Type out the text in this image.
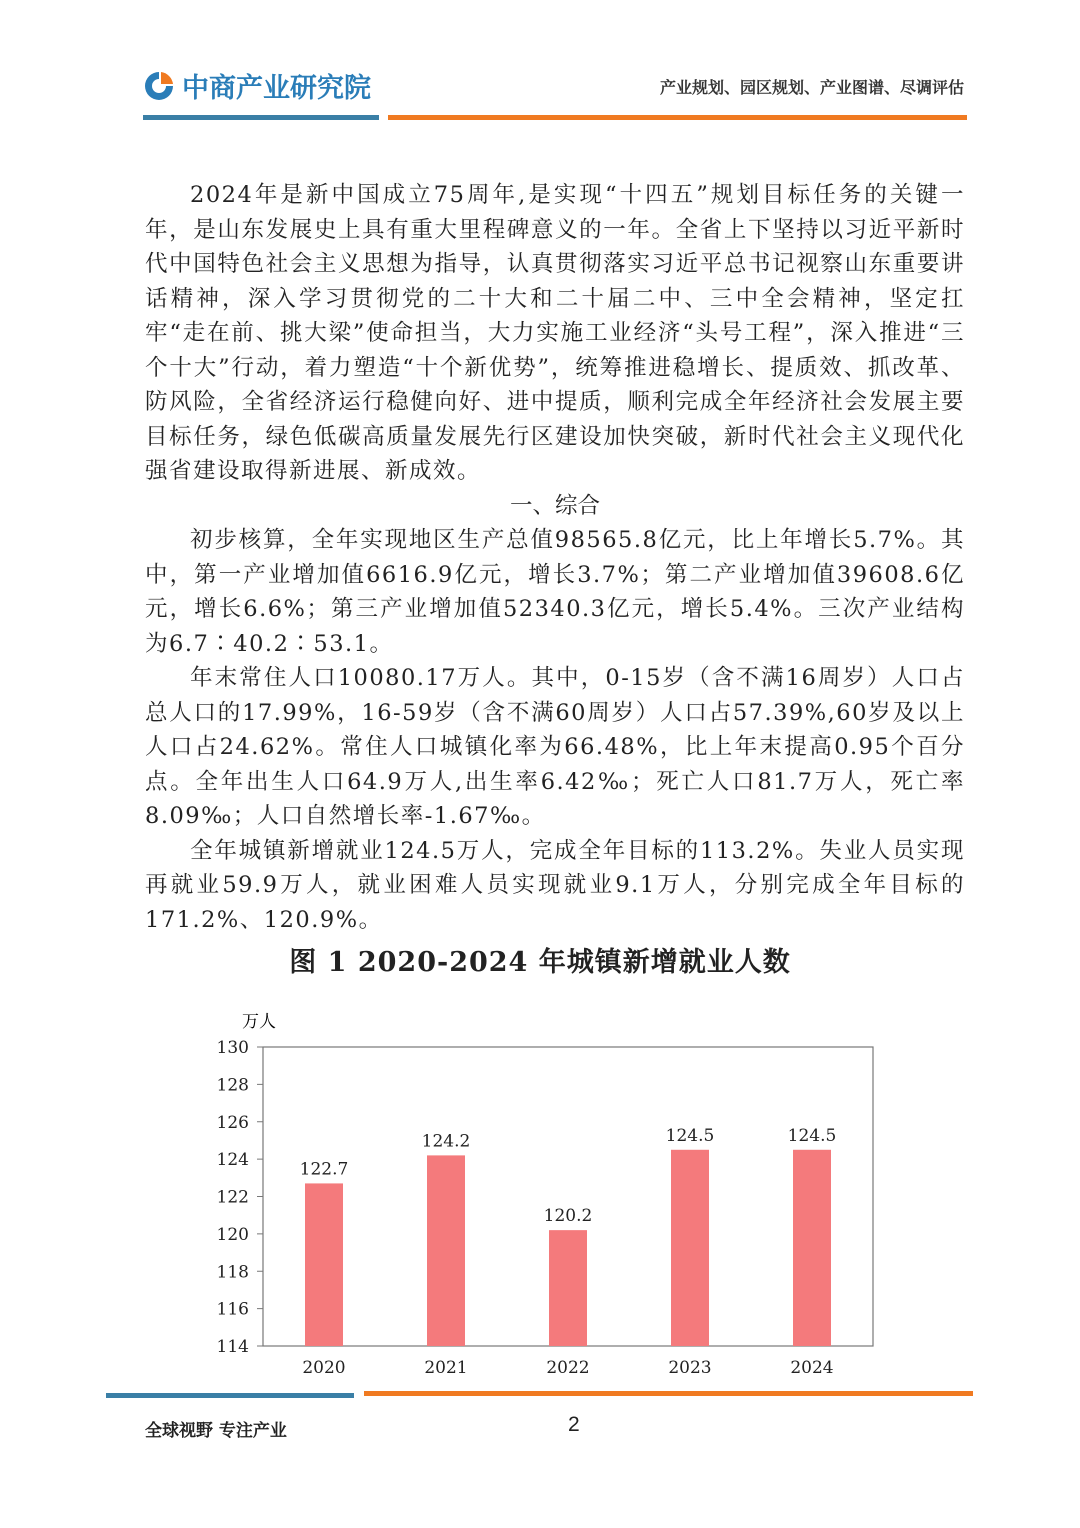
中商产业研究院	产业规划、园区规划、产业图谱、尽调评估

2024年是新中国成立75周年,是实现“十四五”规划目标任务的关键一年，是山东发展史上具有重大里程碑意义的一年。全省上下坚持以习近平新时代中国特色社会主义思想为指导，认真贯彻落实习近平总书记视察山东重要讲话精神，深入学习贯彻党的二十大和二十届二中、三中全会精神，坚定扛牢“走在前、挑大梁”使命担当，大力实施工业经济“头号工程”，深入推进“三个十大”行动，着力塑造“十个新优势”，统筹推进稳增长、提质效、抓改革、防风险，全省经济运行稳健向好、进中提质，顺利完成全年经济社会发展主要目标任务，绿色低碳高质量发展先行区建设加快突破，新时代社会主义现代化强省建设取得新进展、新成效。

一、综合

初步核算，全年实现地区生产总值98565.8亿元，比上年增长5.7%。其中，第一产业增加值6616.9亿元，增长3.7%；第二产业增加值39608.6亿元，增长6.6%；第三产业增加值52340.3亿元，增长5.4%。三次产业结构为6.7∶40.2∶53.1。

年末常住人口10080.17万人。其中，0-15岁（含不满16周岁）人口占总人口的17.99%，16-59岁（含不满60周岁）人口占57.39%,60岁及以上人口占24.62%。常住人口城镇化率为66.48%，比上年末提高0.95个百分点。全年出生人口64.9万人,出生率6.42‰；死亡人口81.7万人，死亡率8.09‰；人口自然增长率-1.67‰。

全年城镇新增就业124.5万人，完成全年目标的113.2%。失业人员实现再就业59.9万人，就业困难人员实现就业9.1万人，分别完成全年目标的171.2%、120.9%。

图 1 2020-2024 年城镇新增就业人数
万人
114
116
118
120
122
124
126
128
130
122.7
124.2
120.2
124.5	124.5
2020	2021	2022	2023	2024
全球视野 专注产业	2
